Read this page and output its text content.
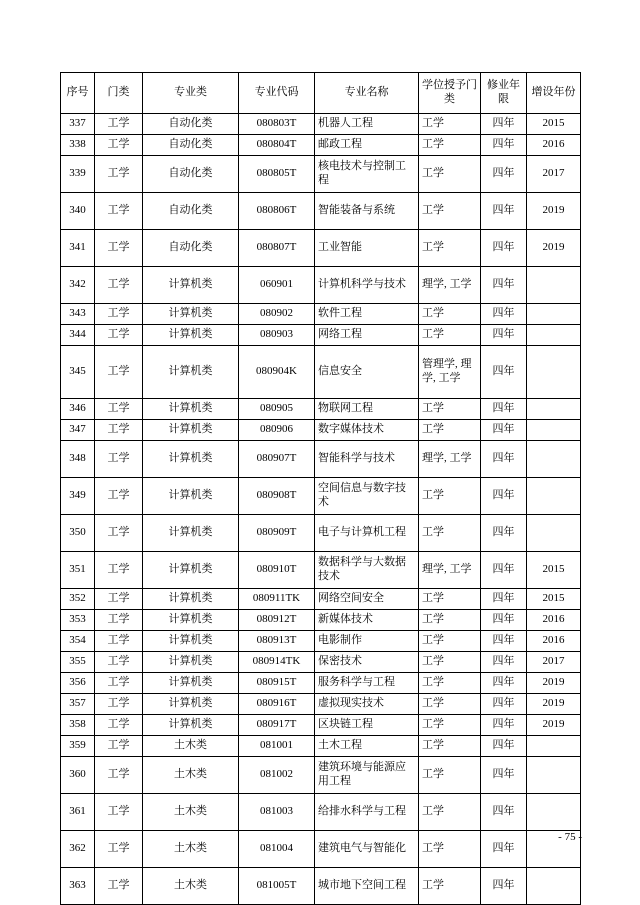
序号	门类	专业类	专业代码	专业名称	学位授予门类	修业年限	增设年份
337	工学	自动化类	080803T	机器人工程	工学	四年	2015
338	工学	自动化类	080804T	邮政工程	工学	四年	2016
339	工学	自动化类	080805T	核电技术与控制工程	工学	四年	2017
340	工学	自动化类	080806T	智能装备与系统	工学	四年	2019
341	工学	自动化类	080807T	工业智能	工学	四年	2019
342	工学	计算机类	060901	计算机科学与技术	理学, 工学	四年	
343	工学	计算机类	080902	软件工程	工学	四年	
344	工学	计算机类	080903	网络工程	工学	四年	
345	工学	计算机类	080904K	信息安全	管理学, 理学, 工学	四年	
346	工学	计算机类	080905	物联网工程	工学	四年	
347	工学	计算机类	080906	数字媒体技术	工学	四年	
348	工学	计算机类	080907T	智能科学与技术	理学, 工学	四年	
349	工学	计算机类	080908T	空间信息与数字技术	工学	四年	
350	工学	计算机类	080909T	电子与计算机工程	工学	四年	
351	工学	计算机类	080910T	数据科学与大数据技术	理学, 工学	四年	2015
352	工学	计算机类	080911TK	网络空间安全	工学	四年	2015
353	工学	计算机类	080912T	新媒体技术	工学	四年	2016
354	工学	计算机类	080913T	电影制作	工学	四年	2016
355	工学	计算机类	080914TK	保密技术	工学	四年	2017
356	工学	计算机类	080915T	服务科学与工程	工学	四年	2019
357	工学	计算机类	080916T	虚拟现实技术	工学	四年	2019
358	工学	计算机类	080917T	区块链工程	工学	四年	2019
359	工学	土木类	081001	土木工程	工学	四年	
360	工学	土木类	081002	建筑环境与能源应用工程	工学	四年	
361	工学	土木类	081003	给排水科学与工程	工学	四年	
362	工学	土木类	081004	建筑电气与智能化	工学	四年	
363	工学	土木类	081005T	城市地下空间工程	工学	四年	
- 75 -
